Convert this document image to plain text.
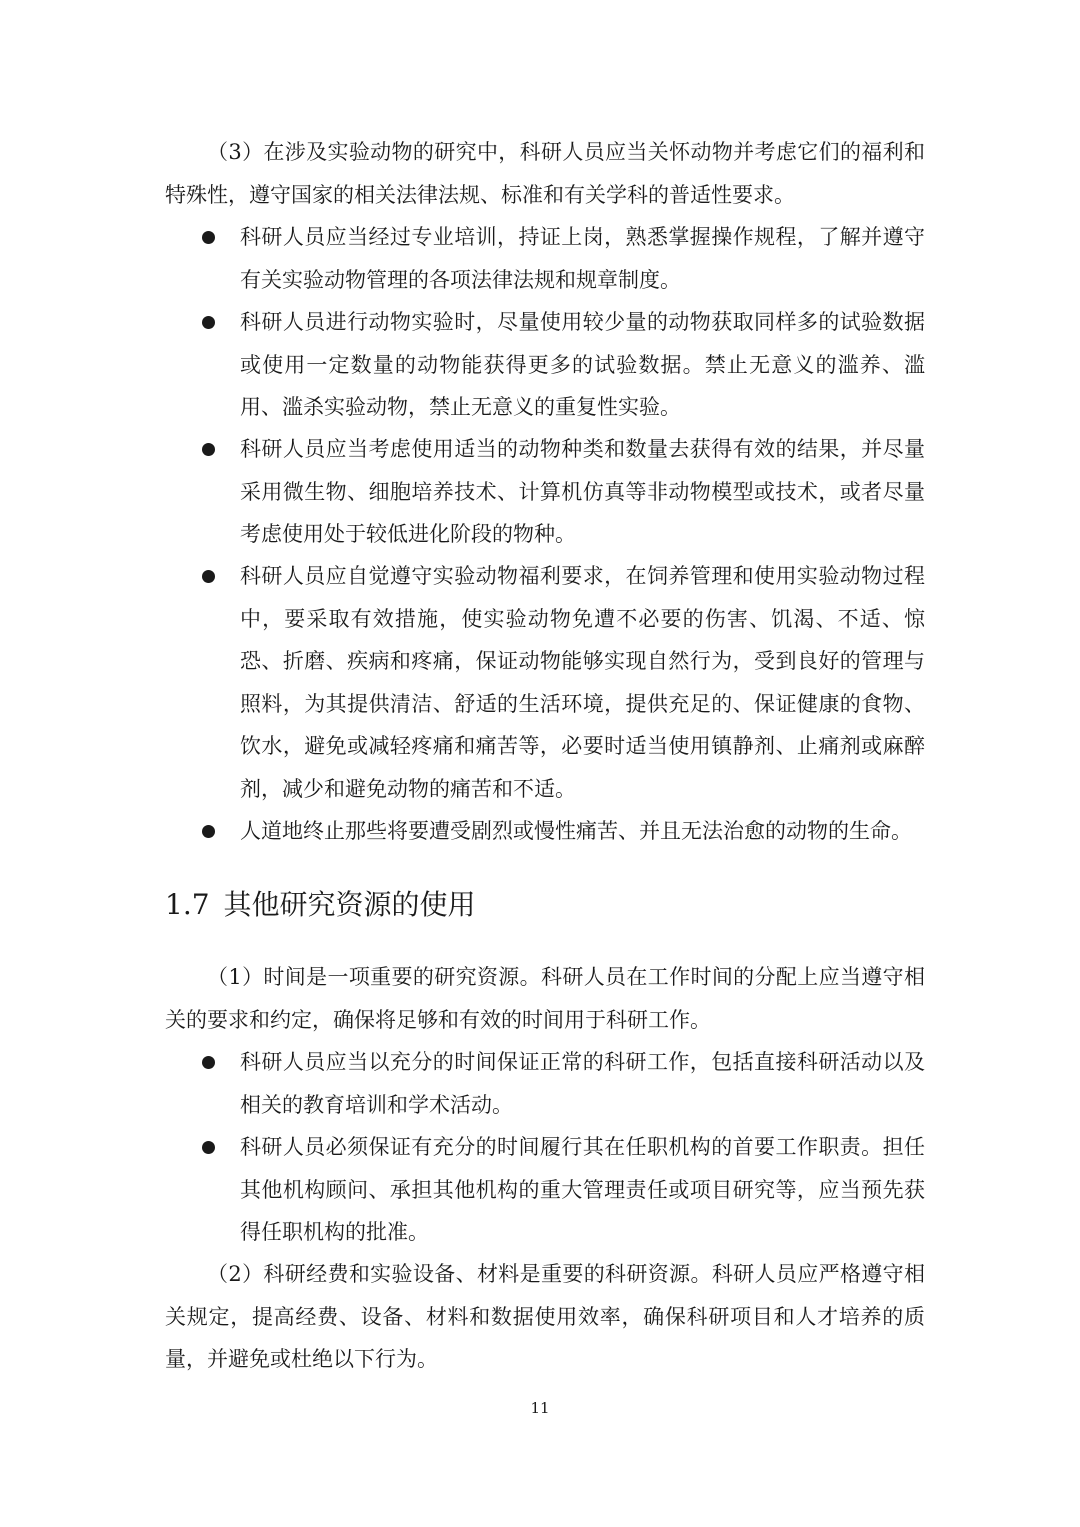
（3）在涉及实验动物的研究中，科研人员应当关怀动物并考虑它们的福利和特殊性，遵守国家的相关法律法规、标准和有关学科的普适性要求。

科研人员应当经过专业培训，持证上岗，熟悉掌握操作规程，了解并遵守有关实验动物管理的各项法律法规和规章制度。
科研人员进行动物实验时，尽量使用较少量的动物获取同样多的试验数据或使用一定数量的动物能获得更多的试验数据。禁止无意义的滥养、滥用、滥杀实验动物，禁止无意义的重复性实验。
科研人员应当考虑使用适当的动物种类和数量去获得有效的结果，并尽量采用微生物、细胞培养技术、计算机仿真等非动物模型或技术，或者尽量考虑使用处于较低进化阶段的物种。
科研人员应自觉遵守实验动物福利要求，在饲养管理和使用实验动物过程中，要采取有效措施，使实验动物免遭不必要的伤害、饥渴、不适、惊恐、折磨、疾病和疼痛，保证动物能够实现自然行为，受到良好的管理与照料，为其提供清洁、舒适的生活环境，提供充足的、保证健康的食物、饮水，避免或减轻疼痛和痛苦等，必要时适当使用镇静剂、止痛剂或麻醉剂，减少和避免动物的痛苦和不适。
人道地终止那些将要遭受剧烈或慢性痛苦、并且无法治愈的动物的生命。
1.7 其他研究资源的使用

（1）时间是一项重要的研究资源。科研人员在工作时间的分配上应当遵守相关的要求和约定，确保将足够和有效的时间用于科研工作。

科研人员应当以充分的时间保证正常的科研工作，包括直接科研活动以及相关的教育培训和学术活动。
科研人员必须保证有充分的时间履行其在任职机构的首要工作职责。担任其他机构顾问、承担其他机构的重大管理责任或项目研究等，应当预先获得任职机构的批准。

（2）科研经费和实验设备、材料是重要的科研资源。科研人员应严格遵守相关规定，提高经费、设备、材料和数据使用效率，确保科研项目和人才培养的质量，并避免或杜绝以下行为。

11
